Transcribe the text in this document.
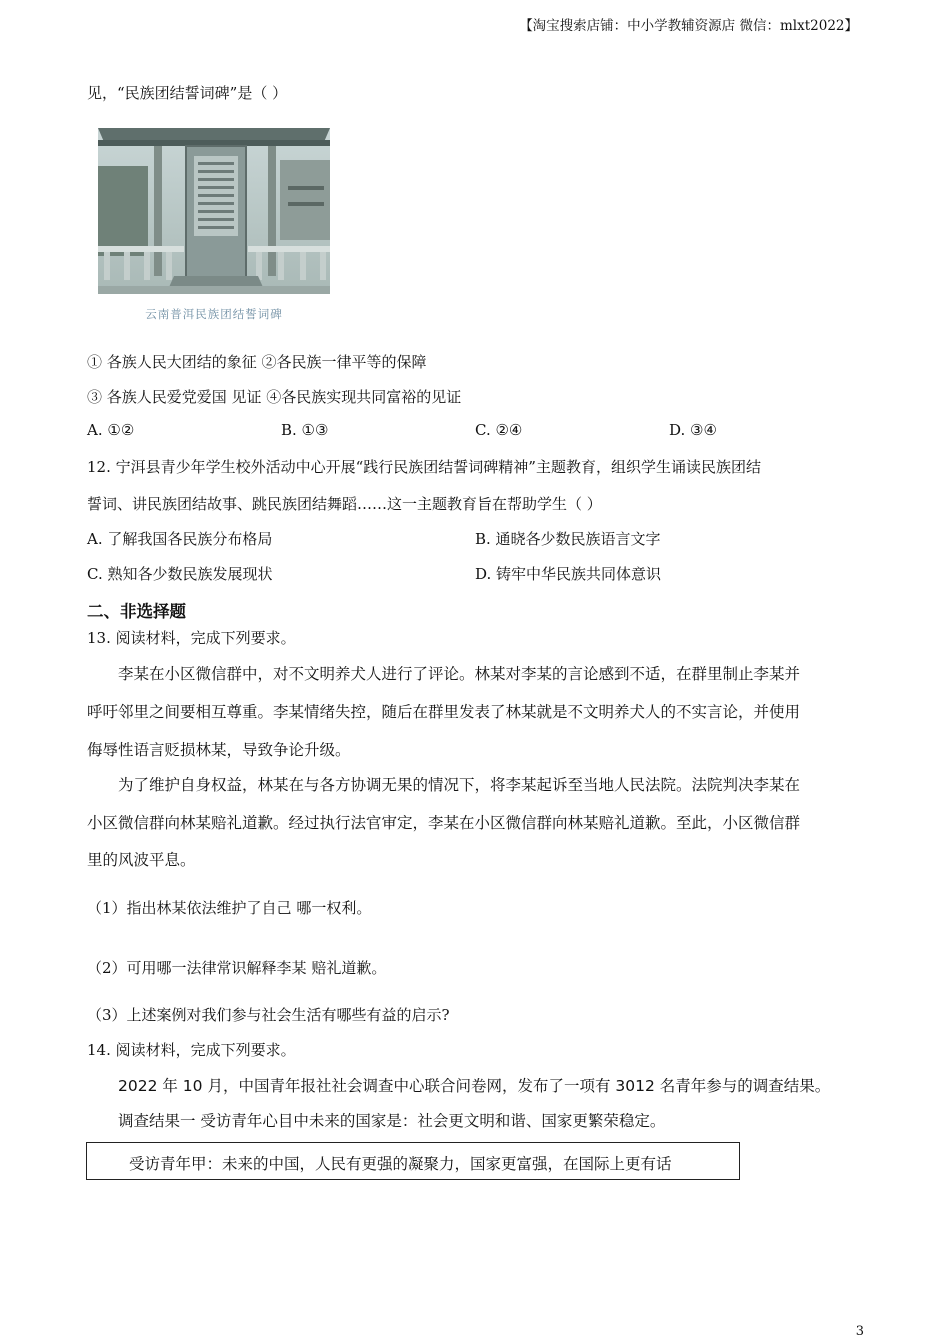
【淘宝搜索店铺：中小学教辅资源店 微信：mlxt2022】
见，“民族团结誓词碑”是（ ）
云南普洱民族团结誓词碑
① 各族人民大团结的象征 ②各民族一律平等的保障
③ 各族人民爱党爱国 见证 ④各民族实现共同富裕的见证
A. ①②	B. ①③	C. ②④	D. ③④
12. 宁洱县青少年学生校外活动中心开展“践行民族团结誓词碑精神”主题教育，组织学生诵读民族团结
誓词、讲民族团结故事、跳民族团结舞蹈……这一主题教育旨在帮助学生（ ）
A. 了解我国各民族分布格局	B. 通晓各少数民族语言文字
C. 熟知各少数民族发展现状	D. 铸牢中华民族共同体意识
二、非选择题
13. 阅读材料，完成下列要求。
李某在小区微信群中，对不文明养犬人进行了评论。林某对李某的言论感到不适，在群里制止李某并
呼吁邻里之间要相互尊重。李某情绪失控，随后在群里发表了林某就是不文明养犬人的不实言论，并使用
侮辱性语言贬损林某，导致争论升级。
为了维护自身权益，林某在与各方协调无果的情况下，将李某起诉至当地人民法院。法院判决李某在
小区微信群向林某赔礼道歉。经过执行法官审定，李某在小区微信群向林某赔礼道歉。至此，小区微信群
里的风波平息。
（1）指出林某依法维护了自己 哪一权利。
（2）可用哪一法律常识解释李某 赔礼道歉。
（3）上述案例对我们参与社会生活有哪些有益的启示?
14. 阅读材料，完成下列要求。
2022 年 10 月，中国青年报社社会调查中心联合问卷网，发布了一项有 3012 名青年参与的调查结果。
调查结果一 受访青年心目中未来的国家是：社会更文明和谐、国家更繁荣稳定。
受访青年甲：未来的中国，人民有更强的凝聚力，国家更富强，在国际上更有话
3
